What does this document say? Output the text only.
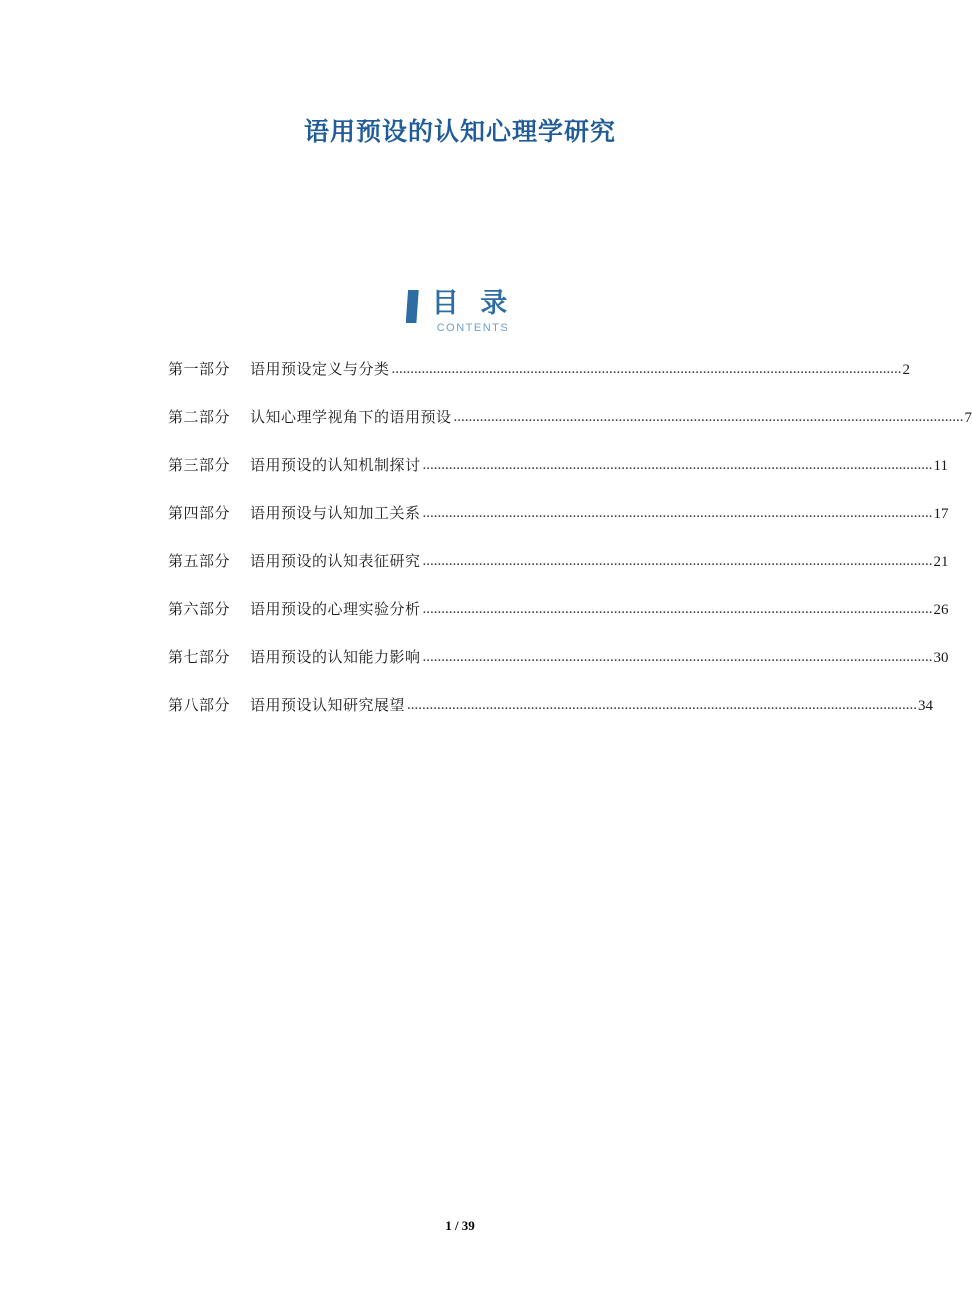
语用预设的认知心理学研究

目 录
CONTENTS
第一部分	语用预设定义与分类 ........................................................................................................................................ 2
第二部分	认知心理学视角下的语用预设 ........................................................................................................................................ 7
第三部分	语用预设的认知机制探讨 ........................................................................................................................................ 11
第四部分	语用预设与认知加工关系 ........................................................................................................................................ 17
第五部分	语用预设的认知表征研究 ........................................................................................................................................ 21
第六部分	语用预设的心理实验分析 ........................................................................................................................................ 26
第七部分	语用预设的认知能力影响 ........................................................................................................................................ 30
第八部分	语用预设认知研究展望 ........................................................................................................................................ 34
1 / 39
